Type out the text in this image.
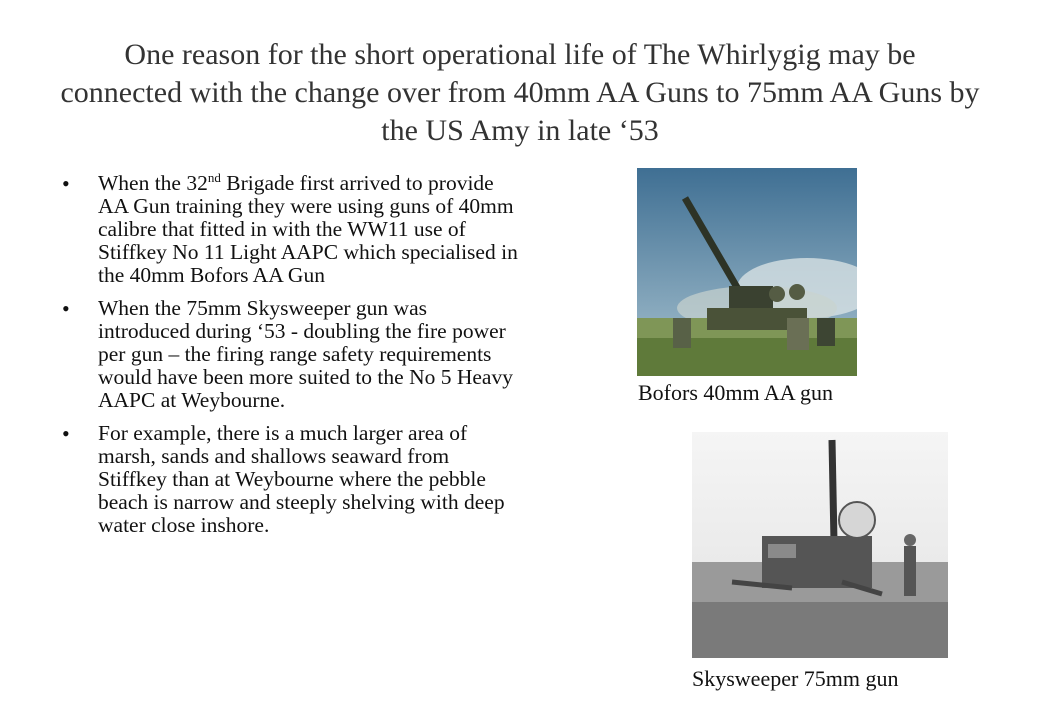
One reason for the short operational life of The Whirlygig may be connected with the change over from 40mm AA Guns to 75mm AA Guns by the US Amy in late ‘53
• When the 32nd Brigade first arrived to provide AA Gun training they were using guns of 40mm calibre that fitted in with the WW11 use of Stiffkey No 11 Light AAPC which specialised in the 40mm Bofors AA Gun
• When the 75mm Skysweeper gun was introduced during ‘53 - doubling the fire power per gun – the firing range safety requirements would have been more suited to the No 5 Heavy AAPC at Weybourne.
• For example, there is a much larger area of marsh, sands and shallows seaward from Stiffkey than at Weybourne where the pebble beach is narrow and steeply shelving with deep water close inshore.
Bofors 40mm AA gun
Skysweeper 75mm gun
